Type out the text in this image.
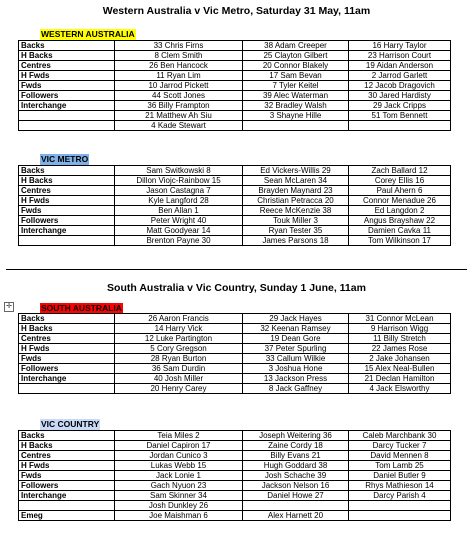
Western Australia v Vic Metro, Saturday 31 May, 11am
WESTERN AUSTRALIA
Backs	33 Chris Firns	38 Adam Creeper	16 Harry Taylor
H Backs	8 Clem Smith	25 Clayton Gilbert	23 Harrison Court
Centres	26 Ben Hancock	20 Connor Blakely	19 Aidan Anderson
H Fwds	11 Ryan Lim	17 Sam Bevan	2 Jarrod Garlett
Fwds	10 Jarrod Pickett	7 Tyler Keitel	12 Jacob Dragovich
Followers	44 Scott Jones	39 Alec Waterman	30 Jared Hardisty
Interchange	36 Billy Frampton	32 Bradley Walsh	29 Jack Cripps
	21 Matthew Ah Siu	3 Shayne Hille	51 Tom Bennett
	4 Kade Stewart		
VIC METRO
Backs	Sam Switkowski 8	Ed Vickers-Willis 29	Zach Ballard 12
H Backs	Dillon Viojc-Rainbow 15	Sean McLaren 34	Corey Ellis 16
Centres	Jason Castagna 7	Brayden Maynard 23	Paul Ahern 6
H Fwds	Kyle Langford 28	Christian Petracca 20	Connor Menadue 26
Fwds	Ben Allan 1	Reece McKenzie 38	Ed Langdon 2
Followers	Peter Wright 40	Touk Miller 3	Angus Brayshaw 22
Interchange	Matt Goodyear 14	Ryan Tester 35	Damien Cavka 11
	Brenton Payne 30	James Parsons 18	Tom Wilkinson 17
South Australia v Vic Country, Sunday 1 June, 11am
✛	SOUTH AUSTRALIA
Backs	26 Aaron Francis	29 Jack Hayes	31 Connor McLean
H Backs	14 Harry Vick	32 Keenan Ramsey	9 Harrison Wigg
Centres	12 Luke Partington	19 Dean Gore	11 Billy Stretch
H Fwds	5 Cory Gregson	37 Peter Spurling	22 James Rose
Fwds	28 Ryan Burton	33 Callum Wilkie	2 Jake Johansen
Followers	36 Sam Durdin	3 Joshua Hone	15 Alex Neal-Bullen
Interchange	40 Josh Miller	13 Jackson Press	21 Declan Hamilton
	20 Henry Carey	8 Jack Gaffney	4 Jack Elsworthy
VIC COUNTRY
Backs	Teia Miles 2	Joseph Weitering 36	Caleb Marchbank 30
H Backs	Daniel Capiron 17	Zaine Cordy 18	Darcy Tucker 7
Centres	Jordan Cunico 3	Billy Evans 21	David Mennen 8
H Fwds	Lukas Webb 15	Hugh Goddard 38	Tom Lamb 25
Fwds	Jack Lonie 1	Josh Schache 39	Daniel Butler 9
Followers	Gach Nyuon 23	Jackson Nelson 16	Rhys Mathieson 14
Interchange	Sam Skinner 34	Daniel Howe 27	Darcy Parish 4
	Josh Dunkley 26		
Emeg	Joe Maishman 6	Alex Harnett 20	
